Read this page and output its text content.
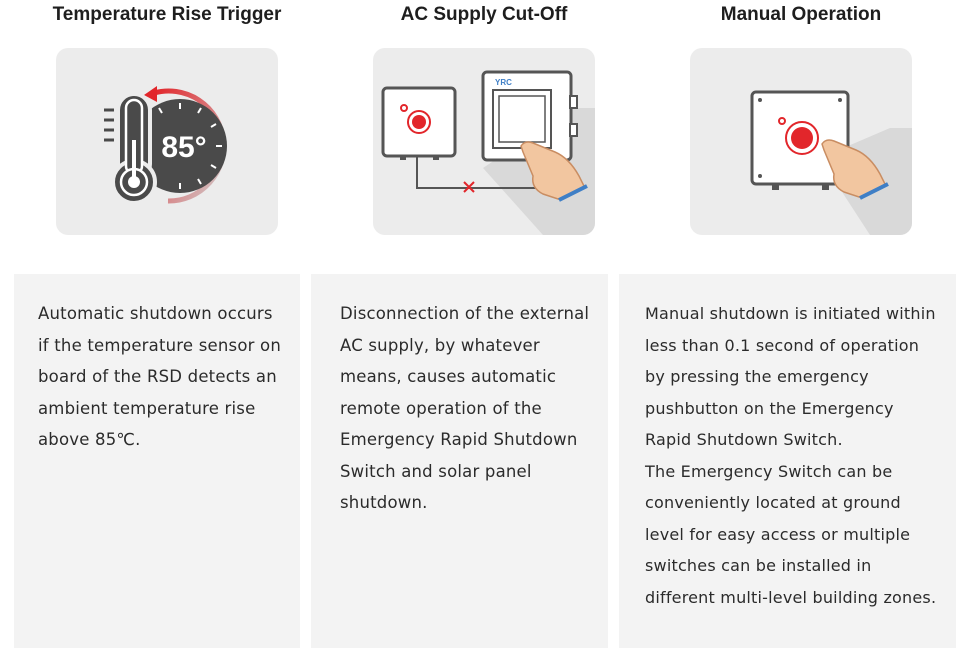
Temperature Rise Trigger	AC Supply Cut-Off	Manual Operation
85°
YRC
Automatic shutdown occurs
if the temperature sensor on
board of the RSD detects an
ambient temperature rise
above 85℃.
Disconnection of the external
AC supply, by whatever
means, causes automatic
remote operation of the
Emergency Rapid Shutdown
Switch and solar panel
shutdown.
Manual shutdown is initiated within
less than 0.1 second of operation
by pressing the emergency
pushbutton on the Emergency
Rapid Shutdown Switch.
The Emergency Switch can be
conveniently located at ground
level for easy access or multiple
switches can be installed in
different multi-level building zones.
